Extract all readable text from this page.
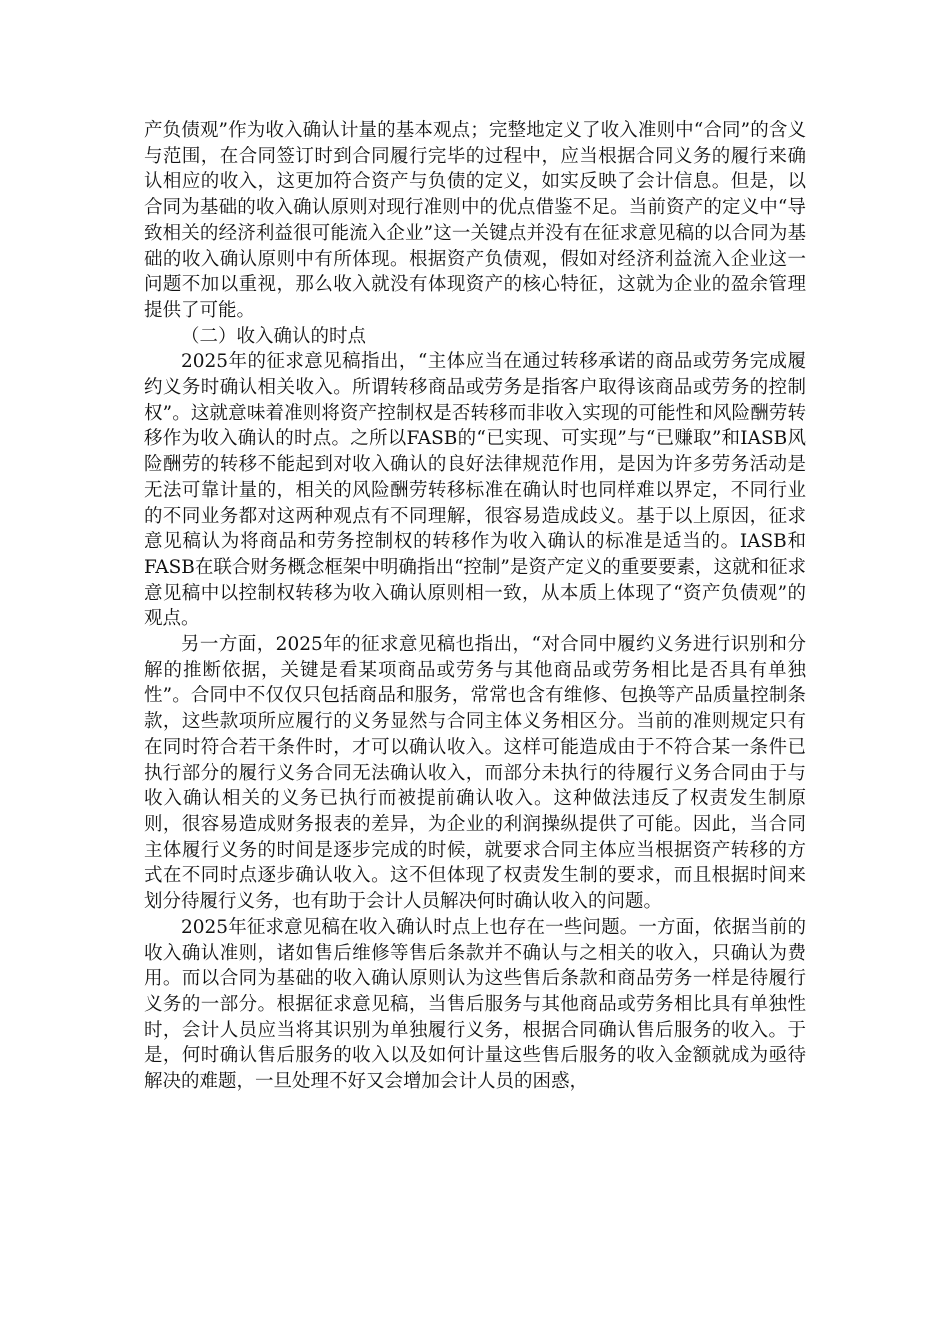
产负债观”作为收入确认计量的基本观点；完整地定义了收入准则中“合同”的含义与范围，在合同签订时到合同履行完毕的过程中，应当根据合同义务的履行来确认相应的收入，这更加符合资产与负债的定义，如实反映了会计信息。但是，以合同为基础的收入确认原则对现行准则中的优点借鉴不足。当前资产的定义中“导致相关的经济利益很可能流入企业”这一关键点并没有在征求意见稿的以合同为基础的收入确认原则中有所体现。根据资产负债观，假如对经济利益流入企业这一问题不加以重视，那么收入就没有体现资产的核心特征，这就为企业的盈余管理提供了可能。

（二）收入确认的时点

2025年的征求意见稿指出，“主体应当在通过转移承诺的商品或劳务完成履约义务时确认相关收入。所谓转移商品或劳务是指客户取得该商品或劳务的控制权”。这就意味着准则将资产控制权是否转移而非收入实现的可能性和风险酬劳转移作为收入确认的时点。之所以FASB的“已实现、可实现”与“已赚取”和IASB风险酬劳的转移不能起到对收入确认的良好法律规范作用，是因为许多劳务活动是无法可靠计量的，相关的风险酬劳转移标准在确认时也同样难以界定，不同行业的不同业务都对这两种观点有不同理解，很容易造成歧义。基于以上原因，征求意见稿认为将商品和劳务控制权的转移作为收入确认的标准是适当的。IASB和FASB在联合财务概念框架中明确指出“控制”是资产定义的重要要素，这就和征求意见稿中以控制权转移为收入确认原则相一致，从本质上体现了“资产负债观”的观点。

另一方面，2025年的征求意见稿也指出，“对合同中履约义务进行识别和分解的推断依据，关键是看某项商品或劳务与其他商品或劳务相比是否具有单独性”。合同中不仅仅只包括商品和服务，常常也含有维修、包换等产品质量控制条款，这些款项所应履行的义务显然与合同主体义务相区分。当前的准则规定只有在同时符合若干条件时，才可以确认收入。这样可能造成由于不符合某一条件已执行部分的履行义务合同无法确认收入，而部分未执行的待履行义务合同由于与收入确认相关的义务已执行而被提前确认收入。这种做法违反了权责发生制原则，很容易造成财务报表的差异，为企业的利润操纵提供了可能。因此，当合同主体履行义务的时间是逐步完成的时候，就要求合同主体应当根据资产转移的方式在不同时点逐步确认收入。这不但体现了权责发生制的要求，而且根据时间来划分待履行义务，也有助于会计人员解决何时确认收入的问题。

2025年征求意见稿在收入确认时点上也存在一些问题。一方面，依据当前的收入确认准则，诸如售后维修等售后条款并不确认与之相关的收入，只确认为费用。而以合同为基础的收入确认原则认为这些售后条款和商品劳务一样是待履行义务的一部分。根据征求意见稿，当售后服务与其他商品或劳务相比具有单独性时，会计人员应当将其识别为单独履行义务，根据合同确认售后服务的收入。于是，何时确认售后服务的收入以及如何计量这些售后服务的收入金额就成为亟待解决的难题，一旦处理不好又会增加会计人员的困惑，
